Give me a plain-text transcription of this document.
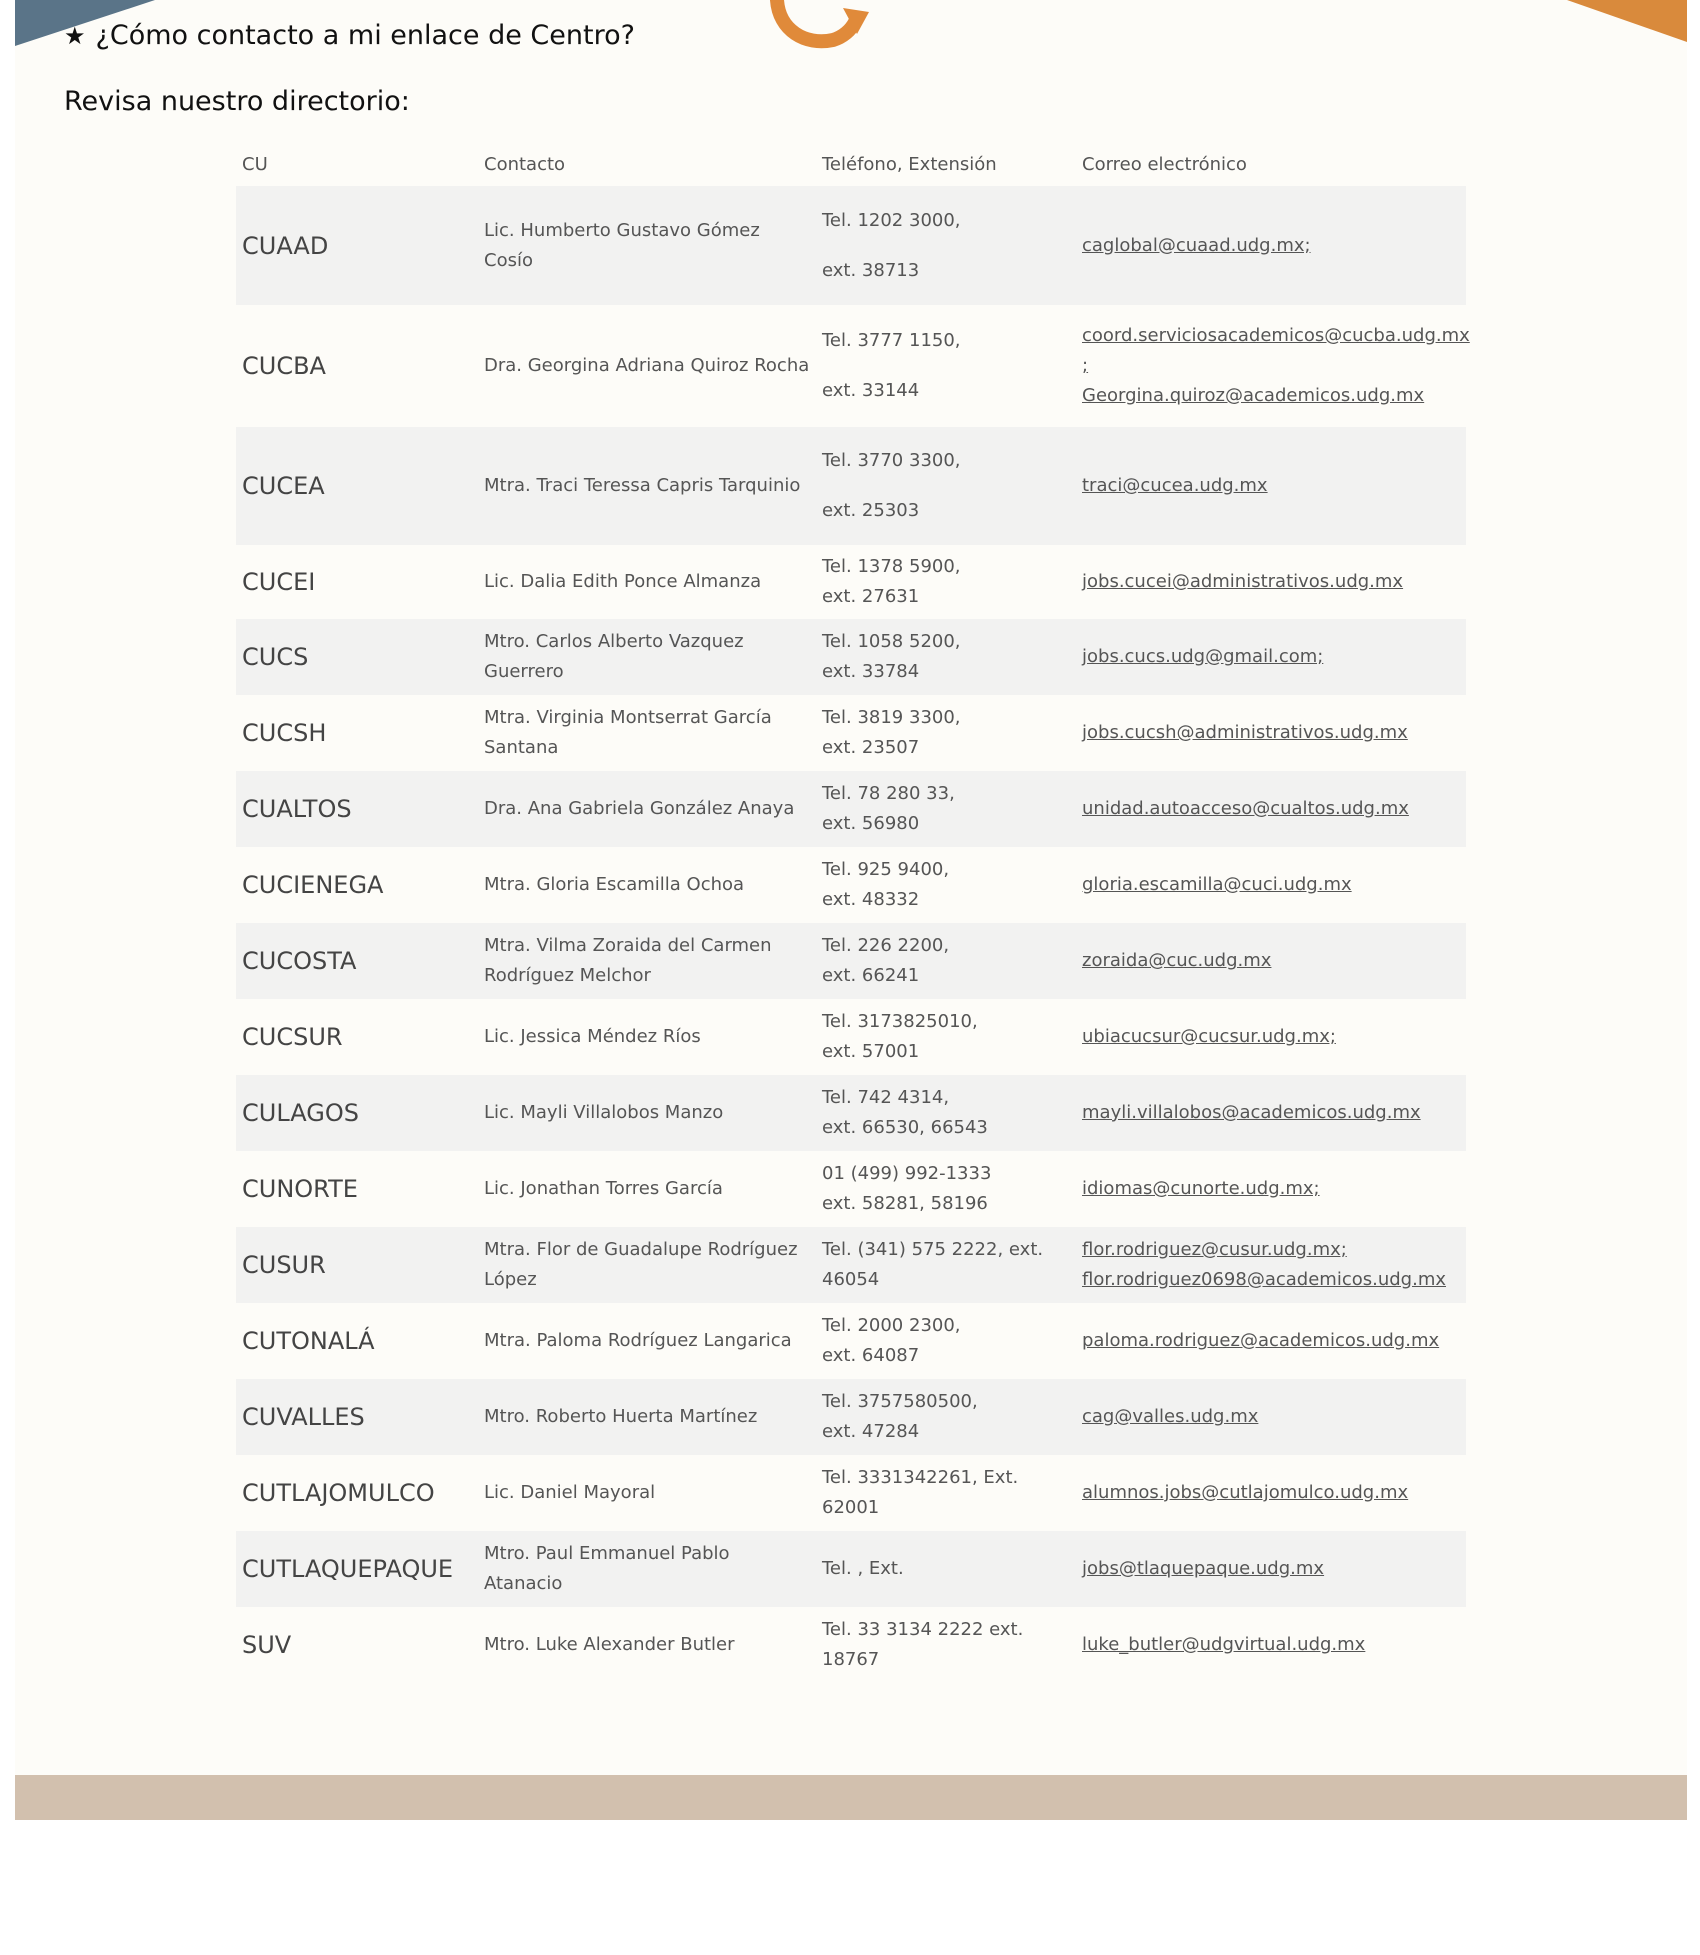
★ ¿Cómo contacto a mi enlace de Centro?
Revisa nuestro directorio:
CU	Contacto	Teléfono, Extensión	Correo electrónico
CUAAD	Lic. Humberto Gustavo Gómez Cosío	Tel. 1202 3000,
ext. 38713	caglobal@cuaad.udg.mx;

CUCBA	Dra. Georgina Adriana Quiroz Rocha	Tel. 3777 1150,
ext. 33144	coord.serviciosacademicos@cucba.udg.mx
;
Georgina.quiroz@academicos.udg.mx

CUCEA	Mtra. Traci Teressa Capris Tarquinio	Tel. 3770 3300,
ext. 25303	traci@cucea.udg.mx

CUCEI	Lic. Dalia Edith Ponce Almanza	Tel. 1378 5900,
ext. 27631	jobs.cucei@administrativos.udg.mx

CUCS	Mtro. Carlos Alberto Vazquez Guerrero	Tel. 1058 5200,
ext. 33784	jobs.cucs.udg@gmail.com;

CUCSH	Mtra. Virginia Montserrat García Santana	Tel. 3819 3300,
ext. 23507	jobs.cucsh@administrativos.udg.mx

CUALTOS	Dra. Ana Gabriela González Anaya	Tel. 78 280 33,
ext. 56980	unidad.autoacceso@cualtos.udg.mx

CUCIENEGA	Mtra. Gloria Escamilla Ochoa	Tel. 925 9400,
ext. 48332	gloria.escamilla@cuci.udg.mx

CUCOSTA	Mtra. Vilma Zoraida del Carmen Rodríguez Melchor	Tel. 226 2200,
ext. 66241	zoraida@cuc.udg.mx

CUCSUR	Lic. Jessica Méndez Ríos	Tel. 3173825010,
ext. 57001	ubiacucsur@cucsur.udg.mx;

CULAGOS	Lic. Mayli Villalobos Manzo	Tel. 742 4314,
ext. 66530, 66543	mayli.villalobos@academicos.udg.mx

CUNORTE	Lic. Jonathan Torres García	01 (499) 992-1333
ext. 58281, 58196	idiomas@cunorte.udg.mx;

CUSUR	Mtra. Flor de Guadalupe Rodríguez López	Tel. (341) 575 2222, ext.
46054	flor.rodriguez@cusur.udg.mx;
flor.rodriguez0698@academicos.udg.mx

CUTONALÁ	Mtra. Paloma Rodríguez Langarica	Tel. 2000 2300,
ext. 64087	paloma.rodriguez@academicos.udg.mx

CUVALLES	Mtro. Roberto Huerta Martínez	Tel. 3757580500,
ext. 47284	cag@valles.udg.mx

CUTLAJOMULCO	Lic. Daniel Mayoral	Tel. 3331342261, Ext.
62001	alumnos.jobs@cutlajomulco.udg.mx

CUTLAQUEPAQUE	Mtro. Paul Emmanuel Pablo Atanacio	Tel. , Ext.	jobs@tlaquepaque.udg.mx

SUV	Mtro. Luke Alexander Butler	Tel. 33 3134 2222 ext.
18767	luke_butler@udgvirtual.udg.mx
